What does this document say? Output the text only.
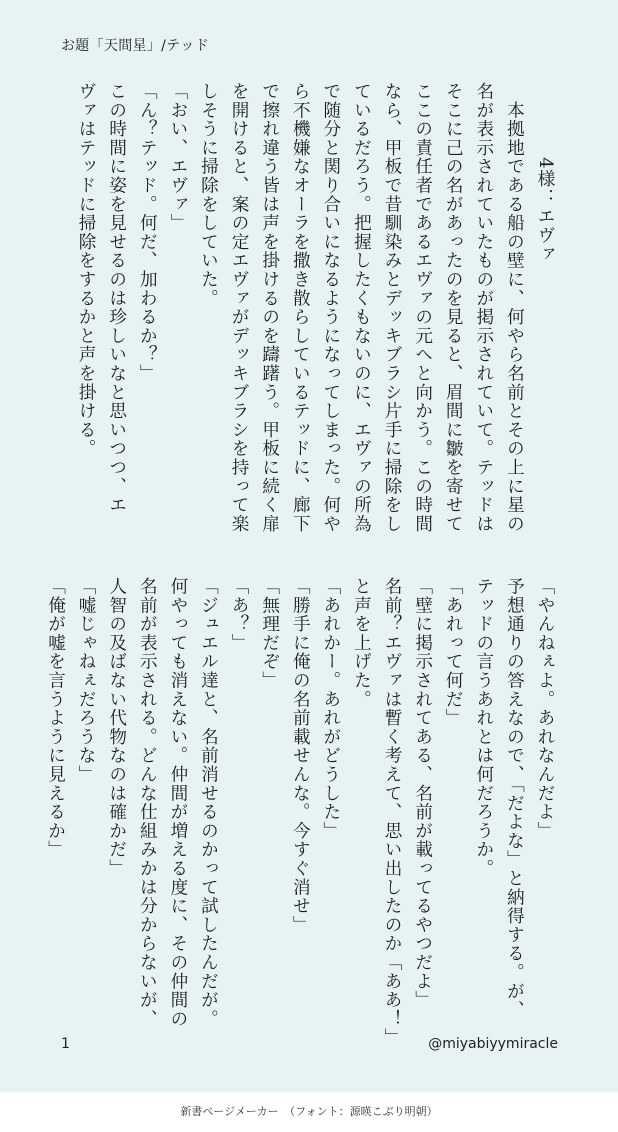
お題「天間星」/テッド
　　　　4様：エヴァ
　本拠地である船の壁に、何やら名前とその上に星の
名が表示されていたものが掲示されていて。テッドは
そこに己の名があったのを見ると、眉間に皺を寄せて
ここの責任者であるエヴァの元へと向かう。この時間
なら、甲板で昔馴染みとデッキブラシ片手に掃除をし
ているだろう。把握したくもないのに、エヴァの所為
で随分と関り合いになるようになってしまった。何や
ら不機嫌なオーラを撒き散らしているテッドに、廊下
で擦れ違う皆は声を掛けるのを躊躇う。甲板に続く扉
を開けると、案の定エヴァがデッキブラシを持って楽
しそうに掃除をしていた。
「おい、エヴァ」
「ん？テッド。何だ、加わるか？」
この時間に姿を見せるのは珍しいなと思いつつ、エ
ヴァはテッドに掃除をするかと声を掛ける。
「やんねぇよ。あれなんだよ」
予想通りの答えなので、「だよな」と納得する。が、
テッドの言うあれとは何だろうか。
「あれって何だ」
「壁に掲示されてある、名前が載ってるやつだよ」
名前？エヴァは暫く考えて、思い出したのか「ああ！」
と声を上げた。
「あれかー。あれがどうした」
「勝手に俺の名前載せんな。今すぐ消せ」
「無理だぞ」
「あ？」
「ジュエル達と、名前消せるのかって試したんだが。
何やっても消えない。仲間が増える度に、その仲間の
名前が表示される。どんな仕組みかは分からないが、
人智の及ばない代物なのは確かだ」
「嘘じゃねぇだろうな」
「俺が嘘を言うように見えるか」
1	@miyabiyymiracle
新書ページメーカー　（フォント：源暎こぶり明朝）
